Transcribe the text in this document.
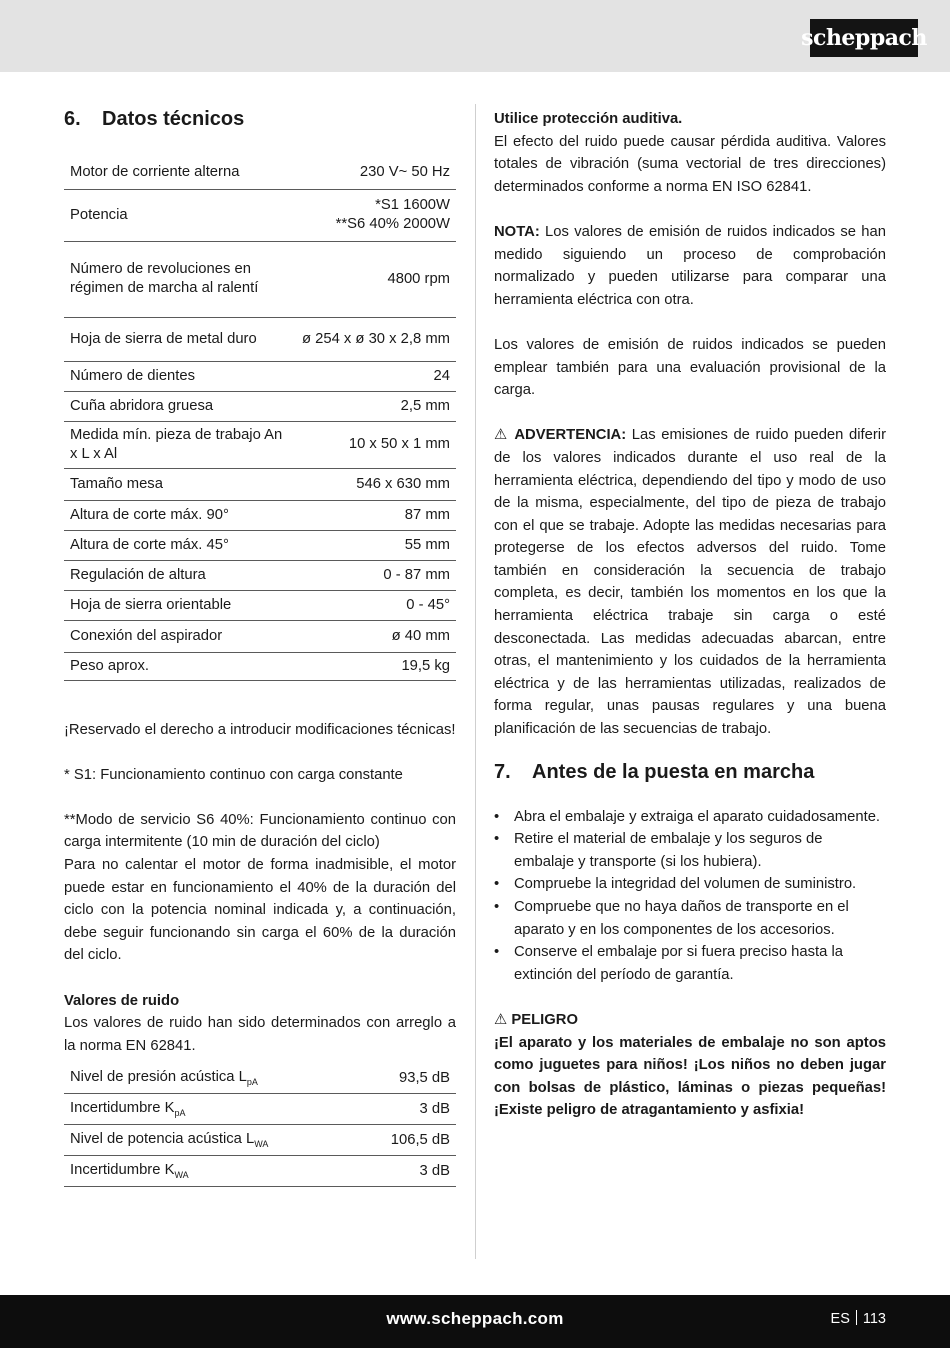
scheppach
6.	Datos técnicos
Motor de corriente alterna	230 V~ 50 Hz
Potencia	*S1 1600W
**S6 40% 2000W
Número de revoluciones en régimen de marcha al ralentí	4800 rpm
Hoja de sierra de metal duro	ø 254 x ø 30 x 2,8 mm
Número de dientes	24
Cuña abridora gruesa	2,5 mm
Medida mín. pieza de trabajo An x L x Al	10 x 50 x 1 mm
Tamaño mesa	546 x 630 mm
Altura de corte máx. 90°	87 mm
Altura de corte máx. 45°	55 mm
Regulación de altura	0 - 87 mm
Hoja de sierra orientable	0 - 45°
Conexión del aspirador	ø 40 mm
Peso aprox.	19,5 kg

¡Reservado el derecho a introducir modificaciones técnicas!

* S1: Funcionamiento continuo con carga constante

**Modo de servicio S6 40%: Funcionamiento continuo con carga intermitente (10 min de duración del ciclo)

Para no calentar el motor de forma inadmisible, el motor puede estar en funcionamiento el 40% de la duración del ciclo con la potencia nominal indicada y, a continuación, debe seguir funcionando sin carga el 60% de la duración del ciclo.

Valores de ruido

Los valores de ruido han sido determinados con arreglo a la norma EN 62841.

Nivel de presión acústica $L_{pA}$	93,5 dB
Incertidumbre $K_{pA}$	3 dB
Nivel de potencia acústica $L_{WA}$	106,5 dB
Incertidumbre $K_{WA}$	3 dB

Utilice protección auditiva.

El efecto del ruido puede causar pérdida auditiva. Valores totales de vibración (suma vectorial de tres direcciones) determinados conforme a norma EN ISO 62841.

NOTA: Los valores de emisión de ruidos indicados se han medido siguiendo un proceso de comprobación normalizado y pueden utilizarse para comparar una herramienta eléctrica con otra.

Los valores de emisión de ruidos indicados se pueden emplear también para una evaluación provisional de la carga.

⚠ ADVERTENCIA: Las emisiones de ruido pueden diferir de los valores indicados durante el uso real de la herramienta eléctrica, dependiendo del tipo y modo de uso de la misma, especialmente, del tipo de pieza de trabajo con el que se trabaje. Adopte las medidas necesarias para protegerse de los efectos adversos del ruido. Tome también en consideración la secuencia de trabajo completa, es decir, también los momentos en los que la herramienta eléctrica trabaje sin carga o esté desconectada. Las medidas adecuadas abarcan, entre otras, el mantenimiento y los cuidados de la herramienta eléctrica y de las herramientas utilizadas, realizados de forma regular, unas pausas regulares y una buena planificación de las secuencias de trabajo.

7.	Antes de la puesta en marcha
• Abra el embalaje y extraiga el aparato cuidadosamente.
• Retire el material de embalaje y los seguros de embalaje y transporte (si los hubiera).
• Compruebe la integridad del volumen de suministro.
• Compruebe que no haya daños de transporte en el aparato y en los componentes de los accesorios.
• Conserve el embalaje por si fuera preciso hasta la extinción del período de garantía.

⚠ PELIGRO

¡El aparato y los materiales de embalaje no son aptos como juguetes para niños! ¡Los niños no deben jugar con bolsas de plástico, láminas o piezas pequeñas! ¡Existe peligro de atragantamiento y asfixia!

www.scheppach.com	ES 113
